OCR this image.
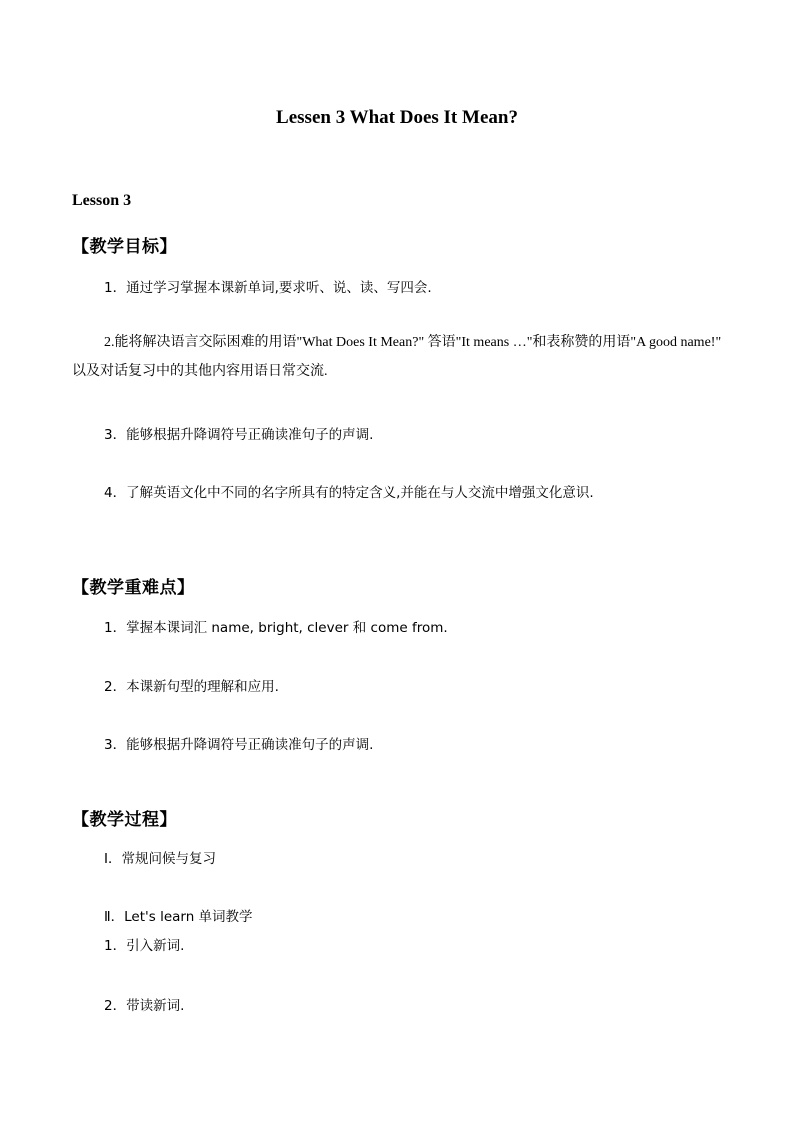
Lessen 3 What Does It Mean?
Lesson 3
【教学目标】
1．通过学习掌握本课新单词,要求听、说、读、写四会.
2.能将解决语言交际困难的用语"What Does It Mean?" 答语"It means …"和表称赞的用语"A good name!" 以及对话复习中的其他内容用语日常交流.
3．能够根据升降调符号正确读准句子的声调.
4．了解英语文化中不同的名字所具有的特定含义,并能在与人交流中增强文化意识.
【教学重难点】
1．掌握本课词汇 name, bright, clever 和 come from.
2．本课新句型的理解和应用.
3．能够根据升降调符号正确读准句子的声调.
【教学过程】
Ⅰ．常规问候与复习
Ⅱ．Let's learn 单词教学
1．引入新词.
2．带读新词.
